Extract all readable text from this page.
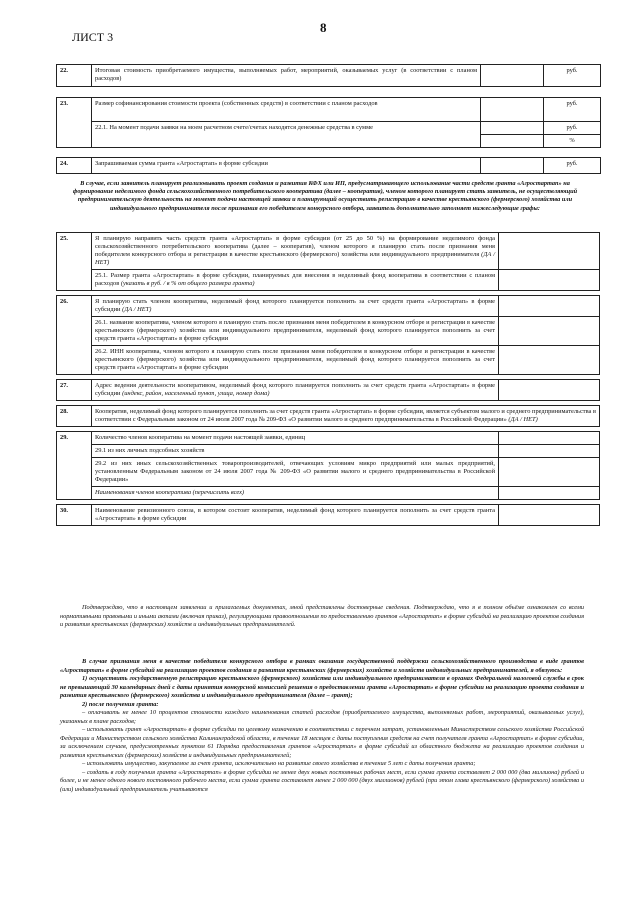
ЛИСТ 3
8
22.	Итоговая стоимость приобретаемого имущества, выполняемых работ, мероприятий, оказываемых услуг (в соответствии с планом расходов)		руб.
23.	Размер софинансирования стоимости проекта (собственных средств) в соответствии с планом расходов		руб.
	22.1. На момент подачи заявки на моем расчетном счете/счетах находятся денежные средства в сумме		руб.
			%
24.	Запрашиваемая сумма гранта «Агростартап» в форме субсидии		руб.
В случае, если заявитель планирует реализовывать проект создания и развития КФХ или ИП, предусматривающего использование части средств гранта «Агростартап» на формирование неделимого фонда сельскохозяйственного потребительского кооператива (далее – кооператив), членом которого планирует стать заявитель, не осуществляющий предпринимательскую деятельность на момент подачи настоящей заявки и планирующий осуществить регистрацию в качестве крестьянского (фермерского) хозяйства или индивидуального предпринимателя после признания его победителем конкурсного отбора, заявитель дополнительно заполняет нижеследующие графы:
25.	Я планирую направить часть средств гранта «Агростартап» в форме субсидии (от 25 до 50 %) на формирование неделимого фонда сельскохозяйственного потребительского кооператива (далее – кооператив), членом которого я планирую стать после признания меня победителем конкурсного отбора и регистрации в качестве крестьянского (фермерского) хозяйства или индивидуального предпринимателя (ДА / НЕТ)	
	25.1. Размер гранта «Агростартап» в форме субсидии, планируемых для внесения в неделимый фонд кооператива в соответствии с планом расходов (указать в руб. / в % от общего размера гранта)	

26.	Я планирую стать членом кооператива, неделимый фонд которого планируется пополнить за счет средств гранта «Агростартап» в форме субсидии (ДА / НЕТ)	
	26.1. название кооператива, членом которого я планирую стать после признания меня победителем в конкурсном отборе и регистрации в качестве крестьянского (фермерского) хозяйства или индивидуального предпринимателя, неделимый фонд которого планируется пополнить за счет средств гранта «Агростартап» в форме субсидии	
	26.2. ИНН кооператива, членом которого я планирую стать после признания меня победителем в конкурсном отборе и регистрации в качестве крестьянского (фермерского) хозяйства или индивидуального предпринимателя, неделимый фонд которого планируется пополнить за счет средств гранта «Агростартап» в форме субсидии	

27.	Адрес ведения деятельности кооперативом, неделимый фонд которого планируется пополнить за счет средств гранта «Агростартап» в форме субсидии (индекс, район, населенный пункт, улица, номер дома)	

28.	Кооператив, неделимый фонд которого планируется пополнить за счет средств гранта «Агростартап» в форме субсидии, является субъектом малого и среднего предпринимательства в соответствии с Федеральным законом от 24 июля 2007 года № 209-ФЗ «О развитии малого и среднего предпринимательства в Российской Федерации» (ДА / НЕТ)	

29.	Количество членов кооператива на момент подачи настоящей заявки, единиц	
	29.1 из них личных подсобных хозяйств	
	29.2 из них иных сельскохозяйственных товаропроизводителей, отвечающих условиям микро предприятий или малых предприятий, установленным Федеральным законом от 24 июля 2007 года № 209-ФЗ «О развитии малого и среднего предпринимательства в Российской Федерации»	
	Наименования членов кооператива (перечислить всех)	

30.	Наименование ревизионного союза, в котором состоит кооператив, неделимый фонд которого планируется пополнить за счет средств гранта «Агростартап» в форме субсидии	
Подтверждаю, что в настоящем заявлении и прилагаемых документах, мной представлены достоверные сведения. Подтверждаю, что я в полном объёме ознакомлен со всеми нормативными правовыми и иными актами (включая приказ), регулирующими правоотношения по предоставлению грантов «Агростартап» в форме субсидий на реализацию проектов создания и развития крестьянских (фермерских) хозяйств и индивидуальных предпринимателей.
В случае признания меня в качестве победителя конкурсного отбора в рамках оказания государственной поддержки сельскохозяйственного производства в виде грантов «Агростартап» в форме субсидий на реализацию проектов создания и развития крестьянских (фермерских) хозяйств и хозяйств индивидуальных предпринимателей, я обязуюсь:
1) осуществить государственную регистрацию крестьянского (фермерского) хозяйства или индивидуального предпринимателя в органах Федеральной налоговой службы в срок не превышающий 30 календарных дней с даты принятия конкурсной комиссией решения о предоставлении гранта «Агростартап» в форме субсидии на реализацию проекта создания и развития крестьянского (фермерского) хозяйства и индивидуального предпринимателя (далее – грант);
2) после получения гранта:
– оплачивать не менее 10 процентов стоимости каждого наименования статей расходов (приобретаемого имущества, выполняемых работ, мероприятий, оказываемых услуг), указанных в плане расходов;
– использовать грант «Агростартап» в форме субсидии по целевому назначению в соответствии с перечнем затрат, установленным Министерством сельского хозяйства Российской Федерации и Министерством сельского хозяйства Калининградской области, в течение 18 месяцев с даты поступления средств на счет получателя гранта «Агростартап» в форме субсидии, за исключением случаев, предусмотренных пунктом 61 Порядка предоставления грантов «Агростартап» в форме субсидий из областного бюджета на реализацию проектов создания и развития крестьянских (фермерских) хозяйств и индивидуальных предпринимателей;
– использовать имущество, закупаемое за счет гранта, исключительно на развитие своего хозяйства в течение 5 лет с даты получения гранта;
– создать в году получения гранта «Агростартап» в форме субсидии не менее двух новых постоянных рабочих мест, если сумма гранта составляет 2 000 000 (два миллиона) рублей и более, и не менее одного нового постоянного рабочего места, если сумма гранта составляет менее 2 000 000 (двух миллионов) рублей (при этом глава крестьянского (фермерского) хозяйства и (или) индивидуальный предприниматель учитываются
